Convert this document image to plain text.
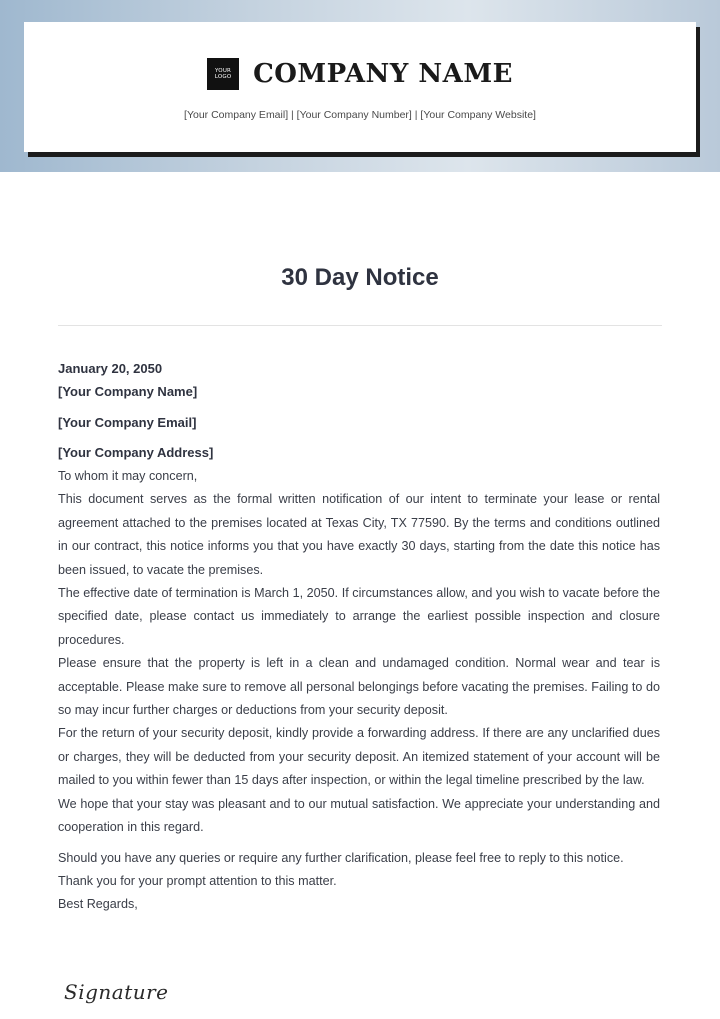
YOUR
LOGO COMPANY NAME
[Your Company Email] | [Your Company Number] | [Your Company Website]
30 Day Notice
January 20, 2050
[Your Company Name]
[Your Company Email]
[Your Company Address]

To whom it may concern,

This document serves as the formal written notification of our intent to terminate your lease or rental agreement attached to the premises located at Texas City, TX 77590. By the terms and conditions outlined in our contract, this notice informs you that you have exactly 30 days, starting from the date this notice has been issued, to vacate the premises.

The effective date of termination is March 1, 2050. If circumstances allow, and you wish to vacate before the specified date, please contact us immediately to arrange the earliest possible inspection and closure procedures.

Please ensure that the property is left in a clean and undamaged condition. Normal wear and tear is acceptable. Please make sure to remove all personal belongings before vacating the premises. Failing to do so may incur further charges or deductions from your security deposit.

For the return of your security deposit, kindly provide a forwarding address. If there are any unclarified dues or charges, they will be deducted from your security deposit. An itemized statement of your account will be mailed to you within fewer than 15 days after inspection, or within the legal timeline prescribed by the law.

We hope that your stay was pleasant and to our mutual satisfaction. We appreciate your understanding and cooperation in this regard.

Should you have any queries or require any further clarification, please feel free to reply to this notice.

Thank you for your prompt attention to this matter.

Best Regards,

Signature
